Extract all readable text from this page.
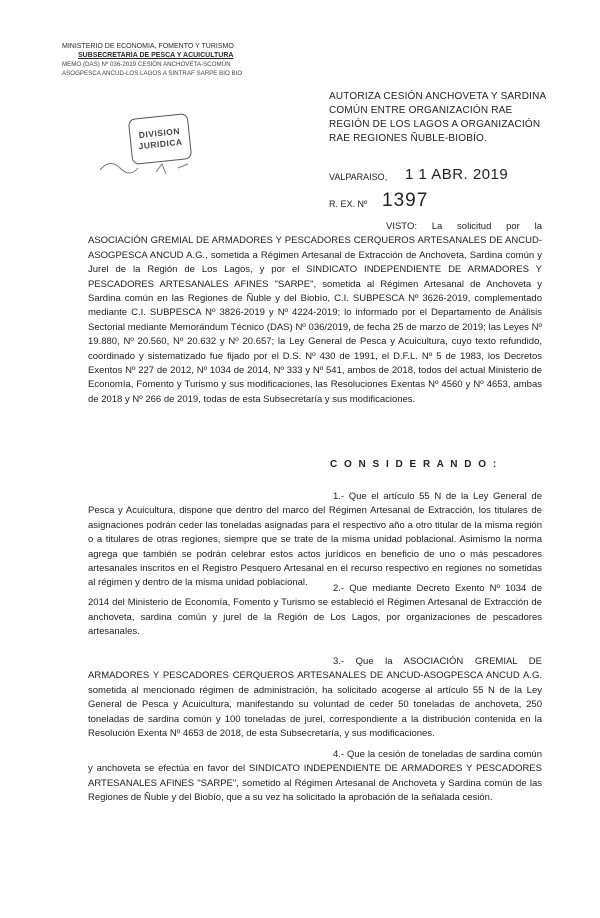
MINISTERIO DE ECONOMIA, FOMENTO Y TURISMO
SUBSECRETARÍA DE PESCA Y ACUICULTURA
MEMO (DAS) Nº 036-2019 CESION ANCHOVETA-SCOMÚN
ASOGPESCA ANCUD-LOS LAGOS A SINTRAF SARPE BIO BIO
DIVISION
JURIDICA
AUTORIZA CESIÓN ANCHOVETA Y SARDINA COMÚN ENTRE ORGANIZACIÓN RAE REGIÓN DE LOS LAGOS A ORGANIZACIÓN RAE REGIONES ÑUBLE-BIOBÍO.
VALPARAISO, 1 1 ABR. 2019
R. EX. Nº 1397

VISTO: La solicitud por la ASOCIACIÓN GREMIAL DE ARMADORES Y PESCADORES CERQUEROS ARTESANALES DE ANCUD-ASOGPESCA ANCUD A.G., sometida a Régimen Artesanal de Extracción de Anchoveta, Sardina común y Jurel de la Región de Los Lagos, y por el SINDICATO INDEPENDIENTE DE ARMADORES Y PESCADORES ARTESANALES AFINES "SARPE", sometida al Régimen Artesanal de Anchoveta y Sardina común en las Regiones de Ñuble y del Biobío, C.I. SUBPESCA Nº 3626-2019, complementado mediante C.I. SUBPESCA Nº 3826-2019 y Nº 4224-2019; lo informado por el Departamento de Análisis Sectorial mediante Memorándum Técnico (DAS) Nº 036/2019, de fecha 25 de marzo de 2019; las Leyes Nº 19.880, Nº 20.560, Nº 20.632 y Nº 20.657; la Ley General de Pesca y Acuicultura, cuyo texto refundido, coordinado y sistematizado fue fijado por el D.S. Nº 430 de 1991, el D.F.L. Nº 5 de 1983, los Decretos Exentos Nº 227 de 2012, Nº 1034 de 2014, Nº 333 y Nº 541, ambos de 2018, todos del actual Ministerio de Economía, Fomento y Turismo y sus modificaciones, las Resoluciones Exentas Nº 4560 y Nº 4653, ambas de 2018 y Nº 266 de 2019, todas de esta Subsecretaría y sus modificaciones.

C O N S I D E R A N D O :

1.- Que el artículo 55 N de la Ley General de Pesca y Acuicultura, dispone que dentro del marco del Régimen Artesanal de Extracción, los titulares de asignaciones podrán ceder las toneladas asignadas para el respectivo año a otro titular de la misma región o a titulares de otras regiones, siempre que se trate de la misma unidad poblacional. Asimismo la norma agrega que también se podrán celebrar estos actos jurídicos en beneficio de uno o más pescadores artesanales inscritos en el Registro Pesquero Artesanal en el recurso respectivo en regiones no sometidas al régimen y dentro de la misma unidad poblacional.

2.- Que mediante Decreto Exento Nº 1034 de 2014 del Ministerio de Economía, Fomento y Turismo se estableció el Régimen Artesanal de Extracción de anchoveta, sardina común y jurel de la Región de Los Lagos, por organizaciones de pescadores artesanales.

3.- Que la ASOCIACIÓN GREMIAL DE ARMADORES Y PESCADORES CERQUEROS ARTESANALES DE ANCUD-ASOGPESCA ANCUD A.G. sometida al mencionado régimen de administración, ha solicitado acogerse al artículo 55 N de la Ley General de Pesca y Acuicultura, manifestando su voluntad de ceder 50 toneladas de anchoveta, 250 toneladas de sardina común y 100 toneladas de jurel, correspondiente a la distribución contenida en la Resolución Exenta Nº 4653 de 2018, de esta Subsecretaría, y sus modificaciones.

4.- Que la cesión de toneladas de sardina común y anchoveta se efectúa en favor del SINDICATO INDEPENDIENTE DE ARMADORES Y PESCADORES ARTESANALES AFINES "SARPE", sometido al Régimen Artesanal de Anchoveta y Sardina común de las Regiones de Ñuble y del Biobío, que a su vez ha solicitado la aprobación de la señalada cesión.
